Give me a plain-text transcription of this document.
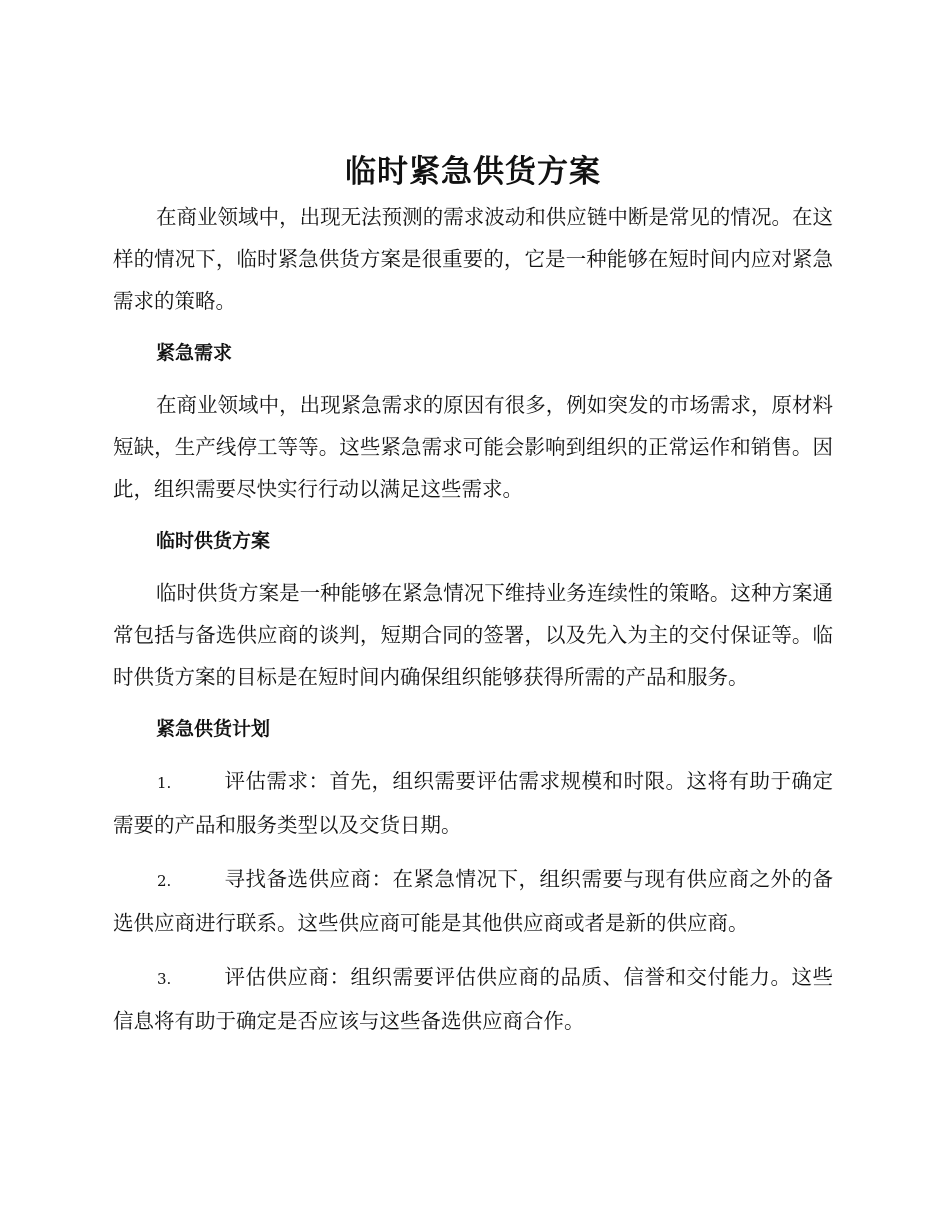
临时紧急供货方案

在商业领域中，出现无法预测的需求波动和供应链中断是常见的情况。在这样的情况下，临时紧急供货方案是很重要的，它是一种能够在短时间内应对紧急需求的策略。

紧急需求

在商业领域中，出现紧急需求的原因有很多，例如突发的市场需求，原材料短缺，生产线停工等等。这些紧急需求可能会影响到组织的正常运作和销售。因此，组织需要尽快实行行动以满足这些需求。

临时供货方案

临时供货方案是一种能够在紧急情况下维持业务连续性的策略。这种方案通常包括与备选供应商的谈判，短期合同的签署，以及先入为主的交付保证等。临时供货方案的目标是在短时间内确保组织能够获得所需的产品和服务。

紧急供货计划
1.	评估需求：首先，组织需要评估需求规模和时限。这将有助于确定需要的产品和服务类型以及交货日期。
2.	寻找备选供应商：在紧急情况下，组织需要与现有供应商之外的备选供应商进行联系。这些供应商可能是其他供应商或者是新的供应商。
3.	评估供应商：组织需要评估供应商的品质、信誉和交付能力。这些信息将有助于确定是否应该与这些备选供应商合作。
